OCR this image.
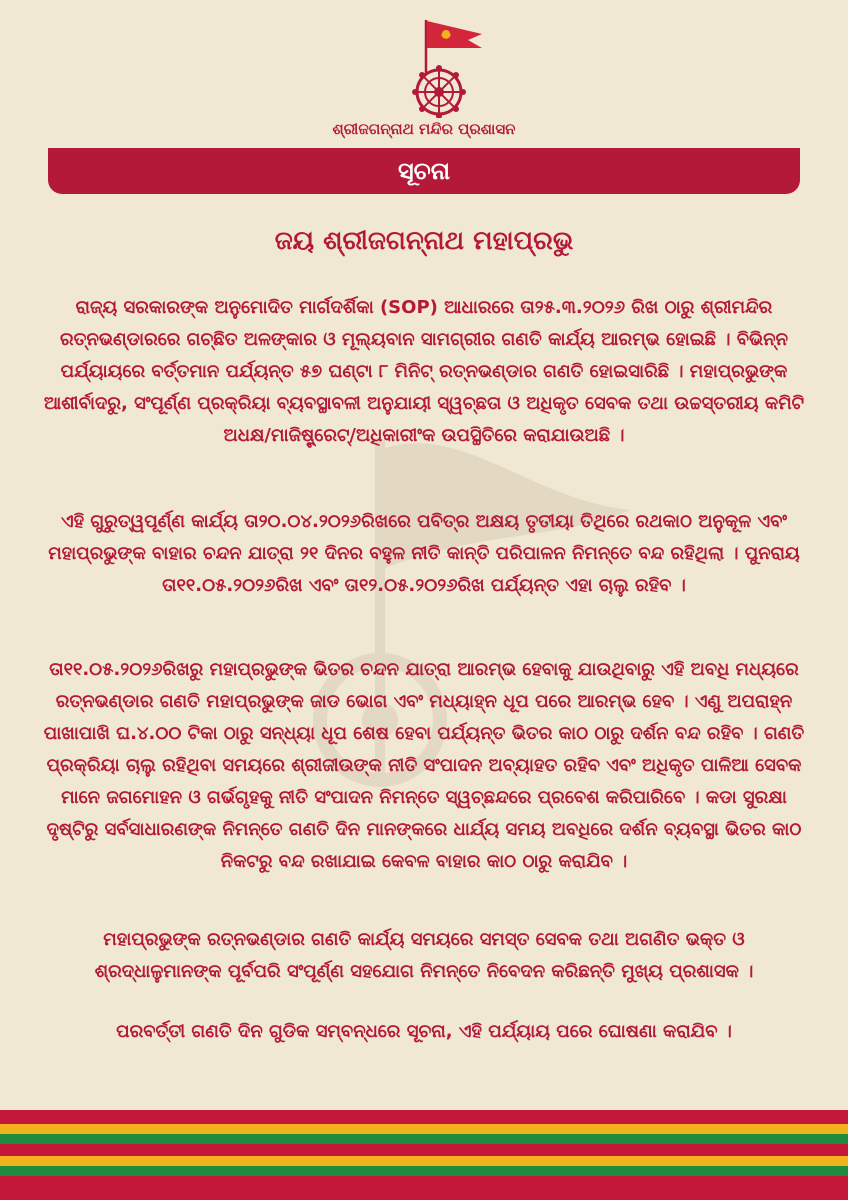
ଶ୍ରୀଜଗନ୍ନାଥ ମନ୍ଦିର ପ୍ରଶାସନ
ସୂଚନା
ଜୟ ଶ୍ରୀଜଗନ୍ନାଥ ମହାପ୍ରଭୁ
ରାଜ୍ୟ ସରକାରଙ୍କ ଅନୁମୋଦିତ ମାର୍ଗଦର୍ଶିକା (SOP) ଆଧାରରେ ତା୨୫.୩.୨୦୨୬ ରିଖ ଠାରୁ ଶ୍ରୀମନ୍ଦିର ରତ୍ନଭଣ୍ଡାରରେ ଗଚ୍ଛିତ ଅଳଙ୍କାର ଓ ମୂଲ୍ୟବାନ ସାମଗ୍ରୀର ଗଣତି କାର୍ଯ୍ୟ ଆରମ୍ଭ ହୋଇଛି । ବିଭିନ୍ନ ପର୍ଯ୍ୟାୟରେ ବର୍ତ୍ତମାନ ପର୍ଯ୍ୟନ୍ତ ୫୭ ଘଣ୍ଟା ୮ ମିନିଟ୍ ରତ୍ନଭଣ୍ଡାର ଗଣତି ହୋଇସାରିଛି । ମହାପ୍ରଭୁଙ୍କ ଆଶୀର୍ବାଦରୁ, ସଂପୂର୍ଣ୍ଣ ପ୍ରକ୍ରିୟା ବ୍ୟବସ୍ଥାବଳୀ ଅନୁଯାୟୀ ସ୍ୱଚ୍ଛତା ଓ ଅଧିକୃତ ସେବକ ତଥା ଉଚ୍ଚସ୍ତରୀୟ କମିଟି ଅଧକ୍ଷ/ମାଜିଷ୍ଟ୍ରେଟ୍/ଅଧିକାରୀଂକ ଉପସ୍ଥିତିରେ କରାଯାଉଅଛି ।
ଏହି ଗୁରୁତ୍ୱପୂର୍ଣ୍ଣ କାର୍ଯ୍ୟ ତା୨୦.୦୪.୨୦୨୬ରିଖରେ ପବିତ୍ର ଅକ୍ଷୟ ତୃତୀୟା ତିଥିରେ ରଥକାଠ ଅନୁକୂଳ ଏବଂ ମହାପ୍ରଭୁଙ୍କ ବାହାର ଚନ୍ଦନ ଯାତ୍ରା ୨୧ ଦିନର ବହୁଳ ନୀତି କାନ୍ତି ପରିପାଳନ ନିମନ୍ତେ ବନ୍ଦ ରହିଥିଲା । ପୁନରାୟ ତା୧୧.୦୫.୨୦୨୬ରିଖ ଏବଂ ତା୧୨.୦୫.୨୦୨୬ରିଖ ପର୍ଯ୍ୟନ୍ତ ଏହା ଚାଲୁ ରହିବ ।
ତା୧୧.୦୫.୨୦୨୬ରିଖରୁ ମହାପ୍ରଭୁଙ୍କ ଭିତର ଚନ୍ଦନ ଯାତ୍ରା ଆରମ୍ଭ ହେବାକୁ ଯାଉଥିବାରୁ ଏହି ଅବଧି ମଧ୍ୟରେ ରତ୍ନଭଣ୍ଡାର ଗଣତି ମହାପ୍ରଭୁଙ୍କ ଜାଡ ଭୋଗ ଏବଂ ମଧ୍ୟାହ୍ନ ଧୂପ ପରେ ଆରମ୍ଭ ହେବ । ଏଣୁ ଅପରାହ୍ନ ପାଖାପାଖି ଘ.୪.୦୦ ଟିକା ଠାରୁ ସନ୍ଧ୍ୟା ଧୂପ ଶେଷ ହେବା ପର୍ଯ୍ୟନ୍ତ ଭିତର କାଠ ଠାରୁ ଦର୍ଶନ ବନ୍ଦ ରହିବ । ଗଣତି ପ୍ରକ୍ରିୟା ଚାଲୁ ରହିଥିବା ସମୟରେ ଶ୍ରୀଜୀଉଙ୍କ ନୀତି ସଂପାଦନ ଅବ୍ୟାହତ ରହିବ ଏବଂ ଅଧିକୃତ ପାଳିଆ ସେବକ ମାନେ ଜଗମୋହନ ଓ ଗର୍ଭଗୃହକୁ ନୀତି ସଂପାଦନ ନିମନ୍ତେ ସ୍ୱଚ୍ଛନ୍ଦରେ ପ୍ରବେଶ କରିପାରିବେ । କଡା ସୁରକ୍ଷା ଦୃଷ୍ଟିରୁ ସର୍ବସାଧାରଣଙ୍କ ନିମନ୍ତେ ଗଣତି ଦିନ ମାନଙ୍କରେ ଧାର୍ଯ୍ୟ ସମୟ ଅବଧିରେ ଦର୍ଶନ ବ୍ୟବସ୍ଥା ଭିତର କାଠ ନିକଟରୁ ବନ୍ଦ ରଖାଯାଇ କେବଳ ବାହାର କାଠ ଠାରୁ କରାଯିବ ।
ମହାପ୍ରଭୁଙ୍କ ରତ୍ନଭଣ୍ଡାର ଗଣତି କାର୍ଯ୍ୟ ସମୟରେ ସମସ୍ତ ସେବକ ତଥା ଅଗଣିତ ଭକ୍ତ ଓ ଶ୍ରଦ୍ଧାଳୁମାନଙ୍କ ପୂର୍ବପରି ସଂପୂର୍ଣ୍ଣ ସହଯୋଗ ନିମନ୍ତେ ନିବେଦନ କରିଛନ୍ତି ମୁଖ୍ୟ ପ୍ରଶାସକ ।
ପରବର୍ତ୍ତୀ ଗଣତି ଦିନ ଗୁଡିକ ସମ୍ବନ୍ଧରେ ସୂଚନା, ଏହି ପର୍ଯ୍ୟାୟ ପରେ ଘୋଷଣା କରାଯିବ ।
